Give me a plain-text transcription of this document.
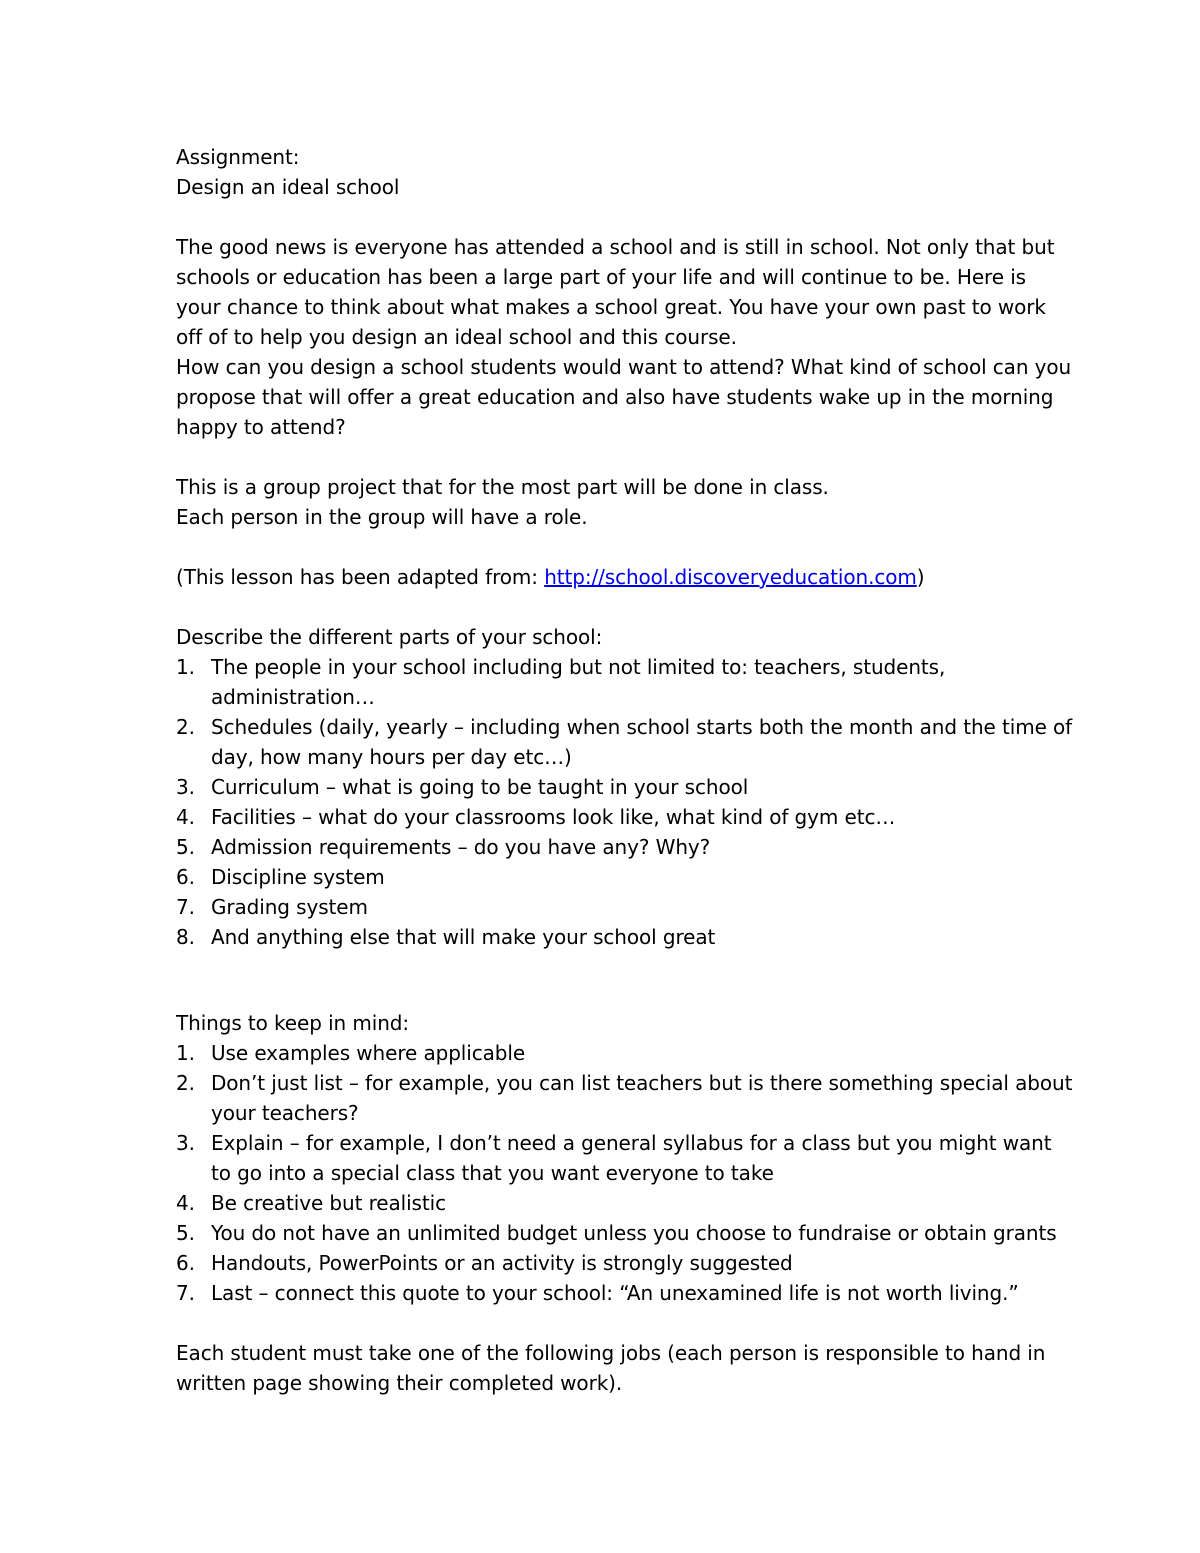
Assignment:

Design an ideal school

The good news is everyone has attended a school and is still in school. Not only that but schools or education has been a large part of your life and will continue to be. Here is your chance to think about what makes a school great. You have your own past to work off of to help you design an ideal school and this course.

How can you design a school students would want to attend? What kind of school can you propose that will offer a great education and also have students wake up in the morning happy to attend?

This is a group project that for the most part will be done in class.

Each person in the group will have a role.

(This lesson has been adapted from: http://school.discoveryeducation.com)

Describe the different parts of your school:

1. The people in your school including but not limited to: teachers, students, administration…
2. Schedules (daily, yearly – including when school starts both the month and the time of day, how many hours per day etc…)
3. Curriculum – what is going to be taught in your school
4. Facilities – what do your classrooms look like, what kind of gym etc…
5. Admission requirements – do you have any? Why?
6. Discipline system
7. Grading system
8. And anything else that will make your school great

Things to keep in mind:

1. Use examples where applicable
2. Don’t just list – for example, you can list teachers but is there something special about your teachers?
3. Explain – for example, I don’t need a general syllabus for a class but you might want to go into a special class that you want everyone to take
4. Be creative but realistic
5. You do not have an unlimited budget unless you choose to fundraise or obtain grants
6. Handouts, PowerPoints or an activity is strongly suggested
7. Last – connect this quote to your school: “An unexamined life is not worth living.”

Each student must take one of the following jobs (each person is responsible to hand in written page showing their completed work).
